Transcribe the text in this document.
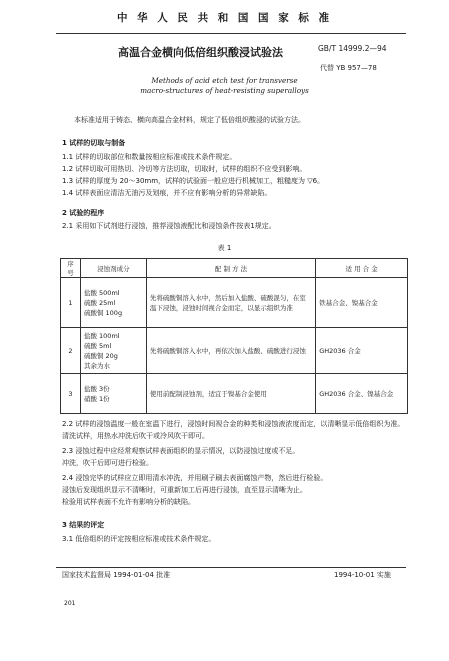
中 华 人 民 共 和 国 国 家 标 准
高温合金横向低倍组织酸浸试验法	GB/T 14999.2—94
代替 YB 957—78
Methods of acid etch test for transverse
macro-structures of heat-resisting superalloys
本标准适用于铸态、横向高温合金材料，规定了低倍组织酸浸的试验方法。
1 试样的切取与制备
1.1 试样的切取部位和数量按相应标准或技术条件规定。
1.2 试样切取可用热切、冷切等方法切取，切取时，试样的组织不应受到影响。
1.3 试样的厚度为 20～30mm，试样的试验面一般应进行机械加工，粗糙度为 ▽6。
1.4 试样表面应清洁无油污及划痕，并不应有影响分析的异常缺陷。
2 试验的程序
2.1 采用如下试剂进行浸蚀，推荐浸蚀液配比和浸蚀条件按表1规定。
表 1
序号	浸蚀剂成分	配 制 方 法	适 用 合 金
1	盐酸 500ml
硫酸 25ml
硫酸铜 100g	先将硫酸铜溶入水中，然后加入盐酸、硫酸混匀，在室温下浸蚀，浸蚀时间视合金而定，以显示组织为准	铁基合金、镍基合金
2	盐酸 100ml
硫酸 5ml
硫酸铜 20g
其余为水	先将硫酸铜溶入水中，再依次加入盐酸、硫酸进行浸蚀	GH2036 合金
3	盐酸 3份
硝酸 1份	使用前配制浸蚀剂，适宜于镍基合金使用	GH2036 合金、镍基合金
2.2 试样的浸蚀温度一般在室温下进行，浸蚀时间视合金的种类和浸蚀液浓度而定，以清晰显示低倍组织为准。
清洗试样，用热水冲洗后吹干或冷风吹干即可。
2.3 浸蚀过程中应经常观察试样表面组织的显示情况，以防浸蚀过度或不足。
冲洗，吹干后即可进行检验。
2.4 浸蚀完毕的试样应立即用清水冲洗，并用刷子刷去表面腐蚀产物，然后进行检验。
浸蚀后发现组织显示不清晰时，可重新加工后再进行浸蚀，直至显示清晰为止。
检验用试样表面不允许有影响分析的缺陷。
3 结果的评定
3.1 低倍组织的评定按相应标准或技术条件规定。
国家技术监督局 1994-01-04 批准	1994-10-01 实施
201
